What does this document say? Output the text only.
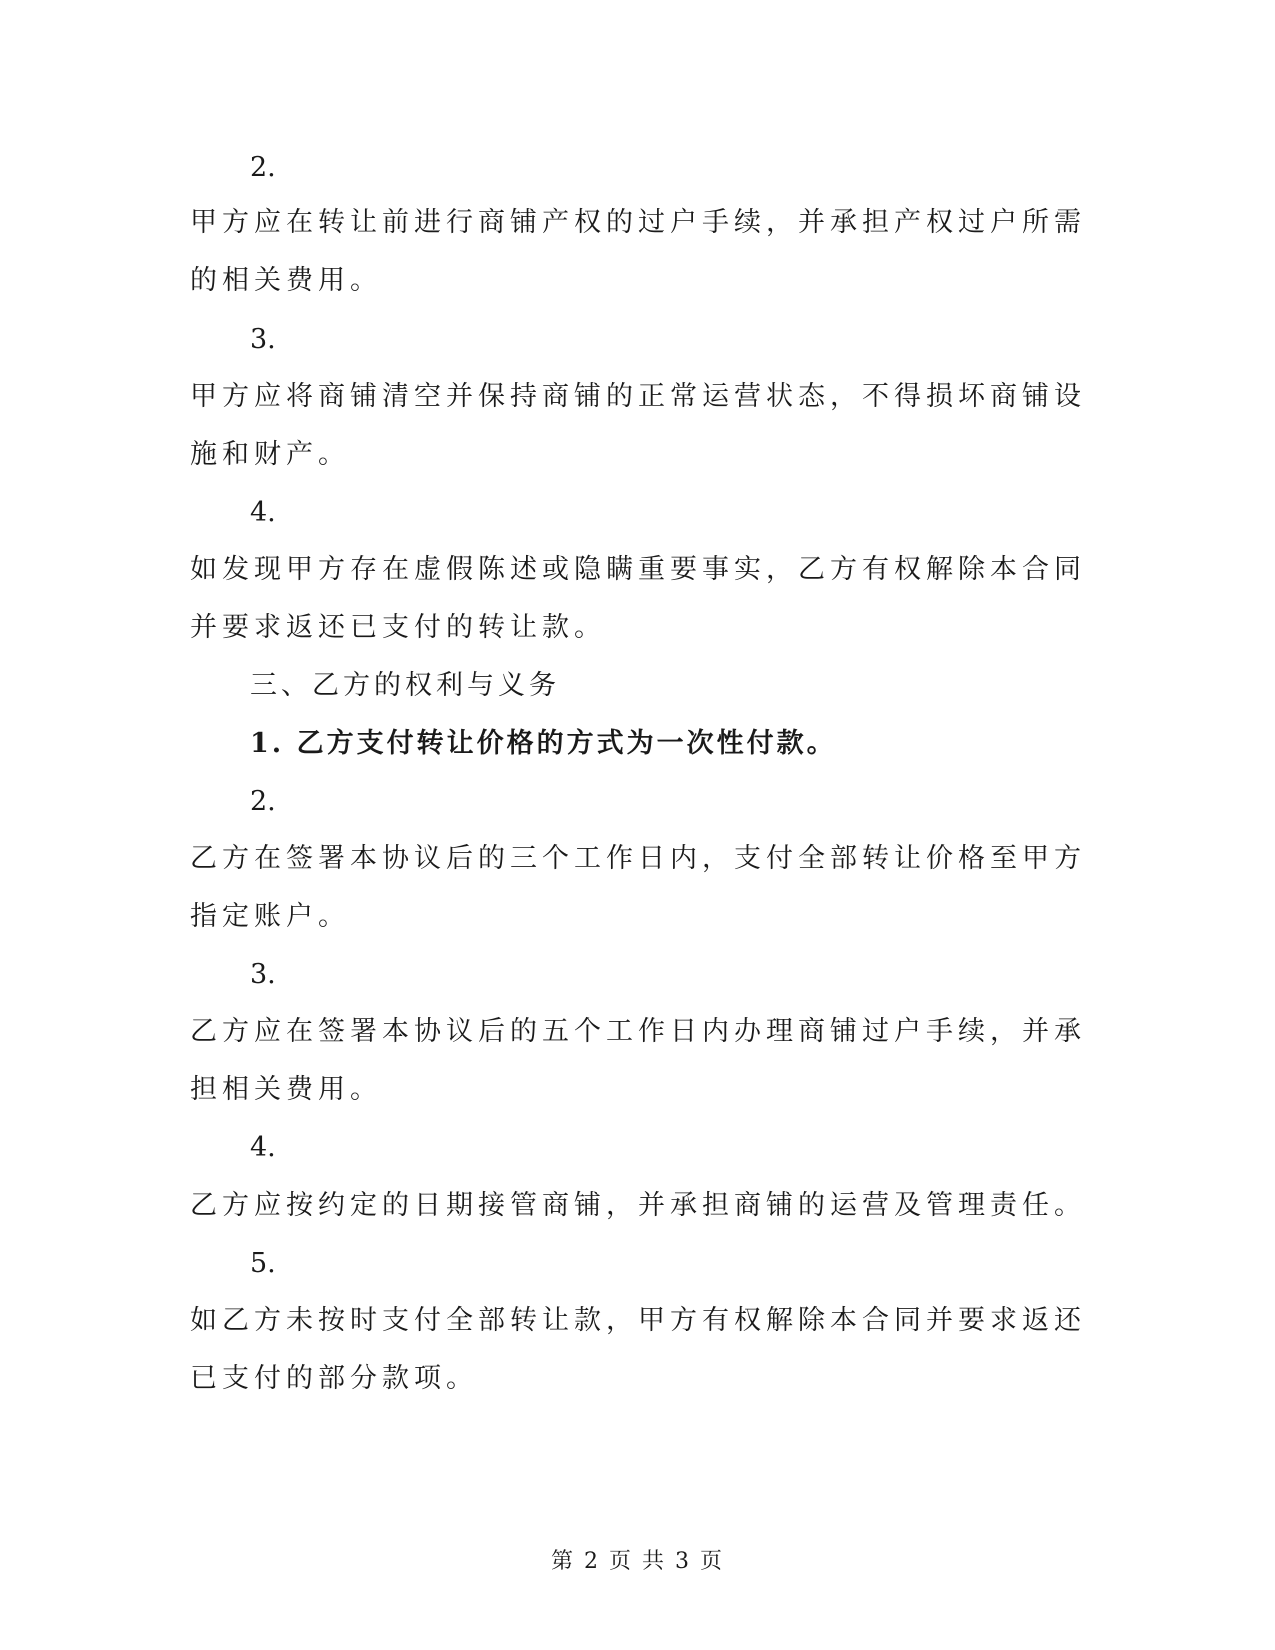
2.
甲方应在转让前进行商铺产权的过户手续，并承担产权过户所需
的相关费用。
3.
甲方应将商铺清空并保持商铺的正常运营状态，不得损坏商铺设
施和财产。
4.
如发现甲方存在虚假陈述或隐瞒重要事实，乙方有权解除本合同
并要求返还已支付的转让款。
三、乙方的权利与义务
1. 乙方支付转让价格的方式为一次性付款。
2.
乙方在签署本协议后的三个工作日内，支付全部转让价格至甲方
指定账户。
3.
乙方应在签署本协议后的五个工作日内办理商铺过户手续，并承
担相关费用。
4.
乙方应按约定的日期接管商铺，并承担商铺的运营及管理责任。
5.
如乙方未按时支付全部转让款，甲方有权解除本合同并要求返还
已支付的部分款项。
第 2 页 共 3 页
